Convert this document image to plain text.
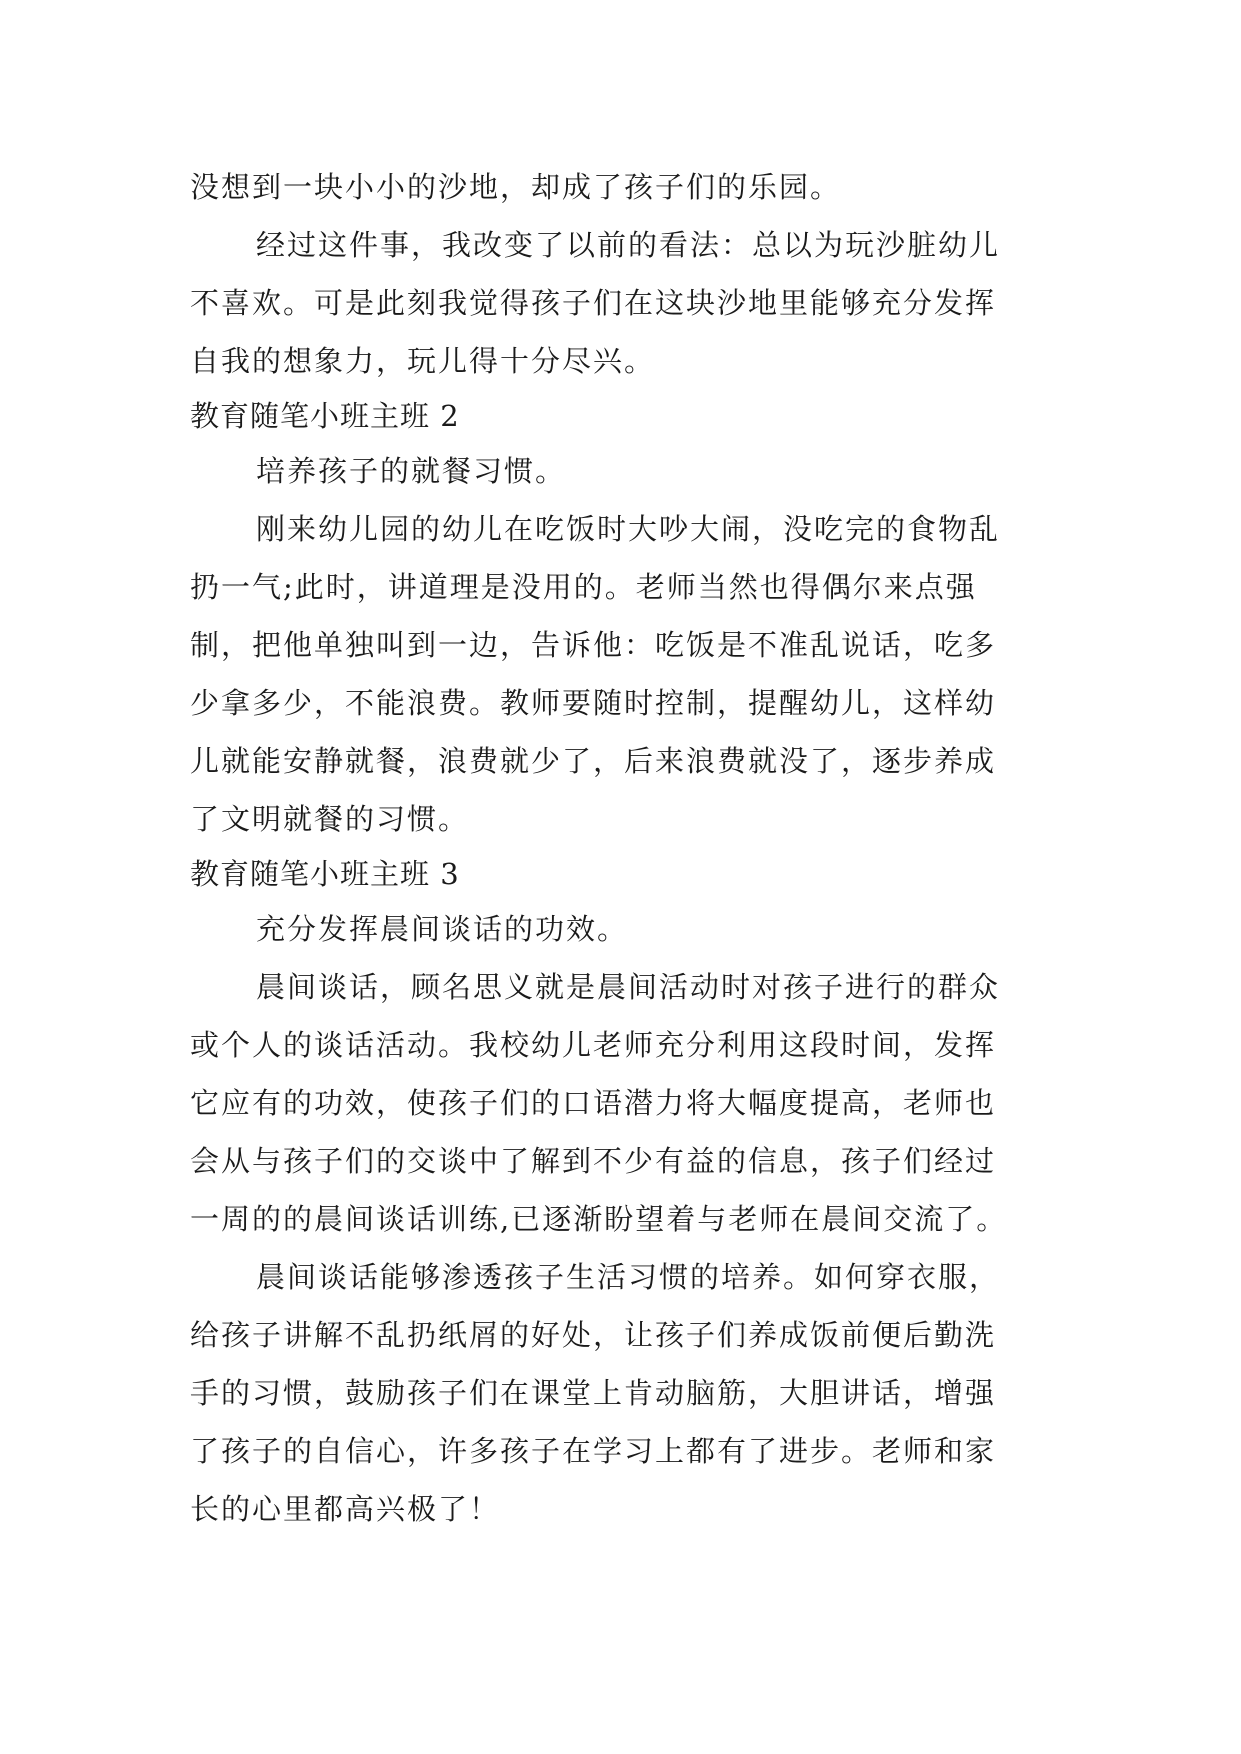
没想到一块小小的沙地，却成了孩子们的乐园。
经过这件事，我改变了以前的看法：总以为玩沙脏幼儿
不喜欢。可是此刻我觉得孩子们在这块沙地里能够充分发挥
自我的想象力，玩儿得十分尽兴。
教育随笔小班主班 2
培养孩子的就餐习惯。
刚来幼儿园的幼儿在吃饭时大吵大闹，没吃完的食物乱
扔一气;此时，讲道理是没用的。老师当然也得偶尔来点强
制，把他单独叫到一边，告诉他：吃饭是不准乱说话，吃多
少拿多少，不能浪费。教师要随时控制，提醒幼儿，这样幼
儿就能安静就餐，浪费就少了，后来浪费就没了，逐步养成
了文明就餐的习惯。
教育随笔小班主班 3
充分发挥晨间谈话的功效。
晨间谈话，顾名思义就是晨间活动时对孩子进行的群众
或个人的谈话活动。我校幼儿老师充分利用这段时间，发挥
它应有的功效，使孩子们的口语潜力将大幅度提高，老师也
会从与孩子们的交谈中了解到不少有益的信息，孩子们经过
一周的的晨间谈话训练,已逐渐盼望着与老师在晨间交流了。
晨间谈话能够渗透孩子生活习惯的培养。如何穿衣服，
给孩子讲解不乱扔纸屑的好处，让孩子们养成饭前便后勤洗
手的习惯，鼓励孩子们在课堂上肯动脑筋，大胆讲话，增强
了孩子的自信心，许多孩子在学习上都有了进步。老师和家
长的心里都高兴极了！
